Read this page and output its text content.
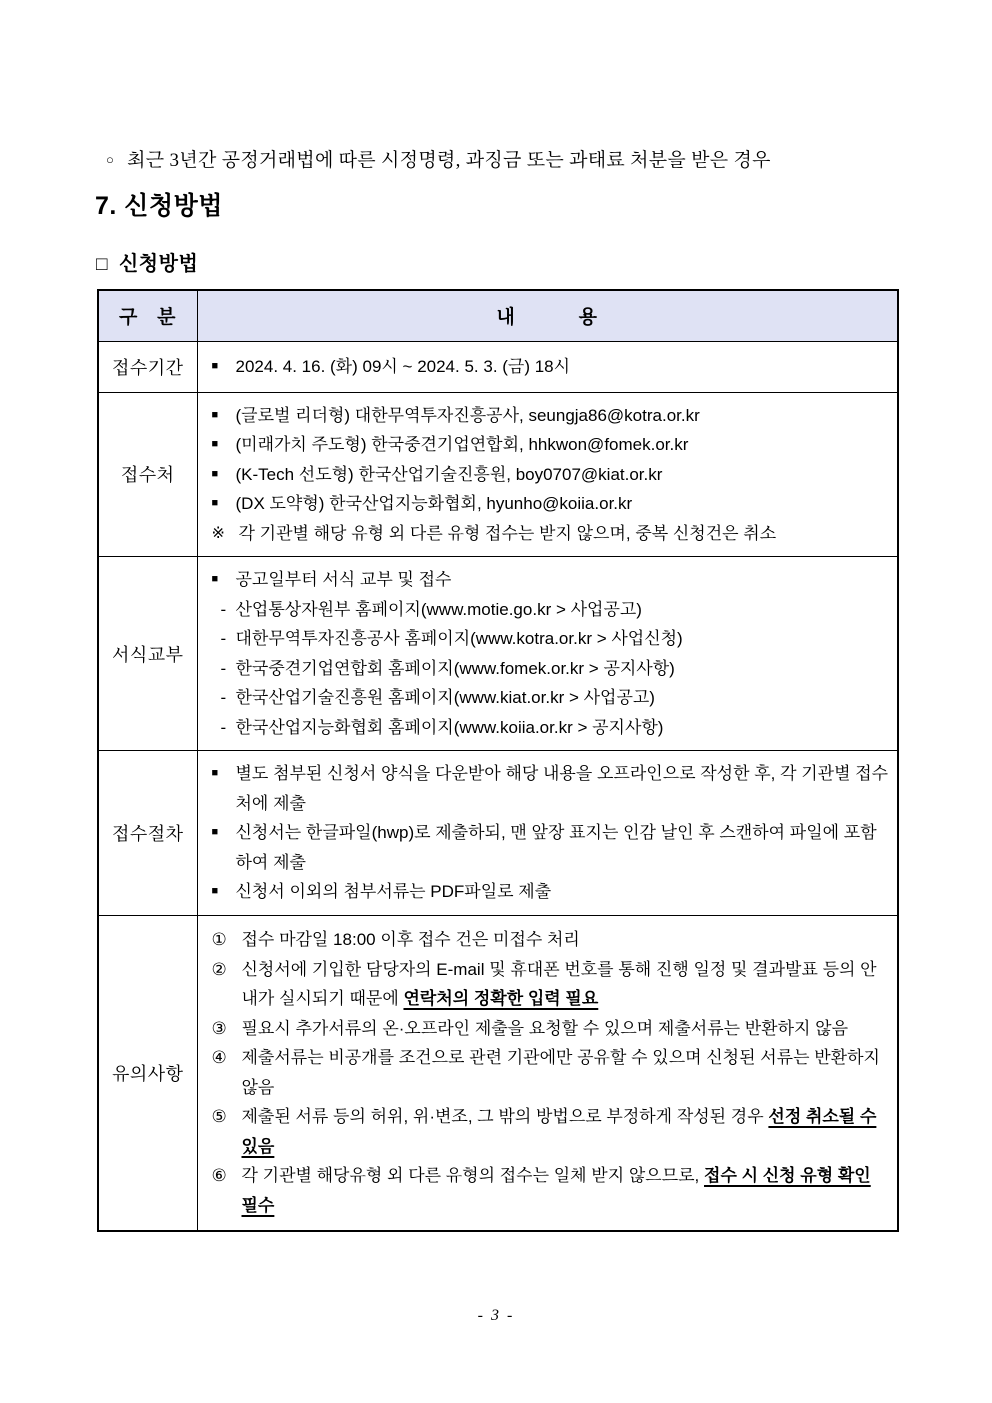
○ 최근 3년간 공정거래법에 따른 시정명령, 과징금 또는 과태료 처분을 받은 경우

7. 신청방법
□ 신청방법
구   분	내          용
접수기간	■ 2024. 4. 16. (화) 09시 ~ 2024. 5. 3. (금) 18시

접수처	
■	(글로벌 리더형) 대한무역투자진흥공사, seungja86@kotra.or.kr
■	(미래가치 주도형) 한국중견기업연합회, hhkwon@fomek.or.kr
■	(K-Tech 선도형) 한국산업기술진흥원, boy0707@kiat.or.kr
■	(DX 도약형) 한국산업지능화협회, hyunho@koiia.or.kr
※ 각 기관별 해당 유형 외 다른 유형 접수는 받지 않으며, 중복 신청건은 취소

서식교부	
■	공고일부터 서식 교부 및 접수
- 산업통상자원부 홈페이지(www.motie.go.kr > 사업공고)
- 대한무역투자진흥공사 홈페이지(www.kotra.or.kr > 사업신청)
- 한국중견기업연합회 홈페이지(www.fomek.or.kr > 공지사항)
- 한국산업기술진흥원 홈페이지(www.kiat.or.kr > 사업공고)
- 한국산업지능화협회 홈페이지(www.koiia.or.kr > 공지사항)

접수절차	
■	별도 첨부된 신청서 양식을 다운받아 해당 내용을 오프라인으로 작성한 후, 각 기관별 접수처에 제출
■	신청서는 한글파일(hwp)로 제출하되, 맨 앞장 표지는 인감 날인 후 스캔하여 파일에 포함하여 제출
■	신청서 이외의 첨부서류는 PDF파일로 제출

유의사항	
① 접수 마감일 18:00 이후 접수 건은 미접수 처리
② 신청서에 기입한 담당자의 E-mail 및 휴대폰 번호를 통해 진행 일정 및 결과발표 등의 안내가 실시되기 때문에 연락처의 정확한 입력 필요
③ 필요시 추가서류의 온·오프라인 제출을 요청할 수 있으며 제출서류는 반환하지 않음
④ 제출서류는 비공개를 조건으로 관련 기관에만 공유할 수 있으며 신청된 서류는 반환하지 않음
⑤ 제출된 서류 등의 허위, 위·변조, 그 밖의 방법으로 부정하게 작성된 경우 선정 취소될 수 있음
⑥ 각 기관별 해당유형 외 다른 유형의 접수는 일체 받지 않으므로, 접수 시 신청 유형 확인 필수
- 3 -
